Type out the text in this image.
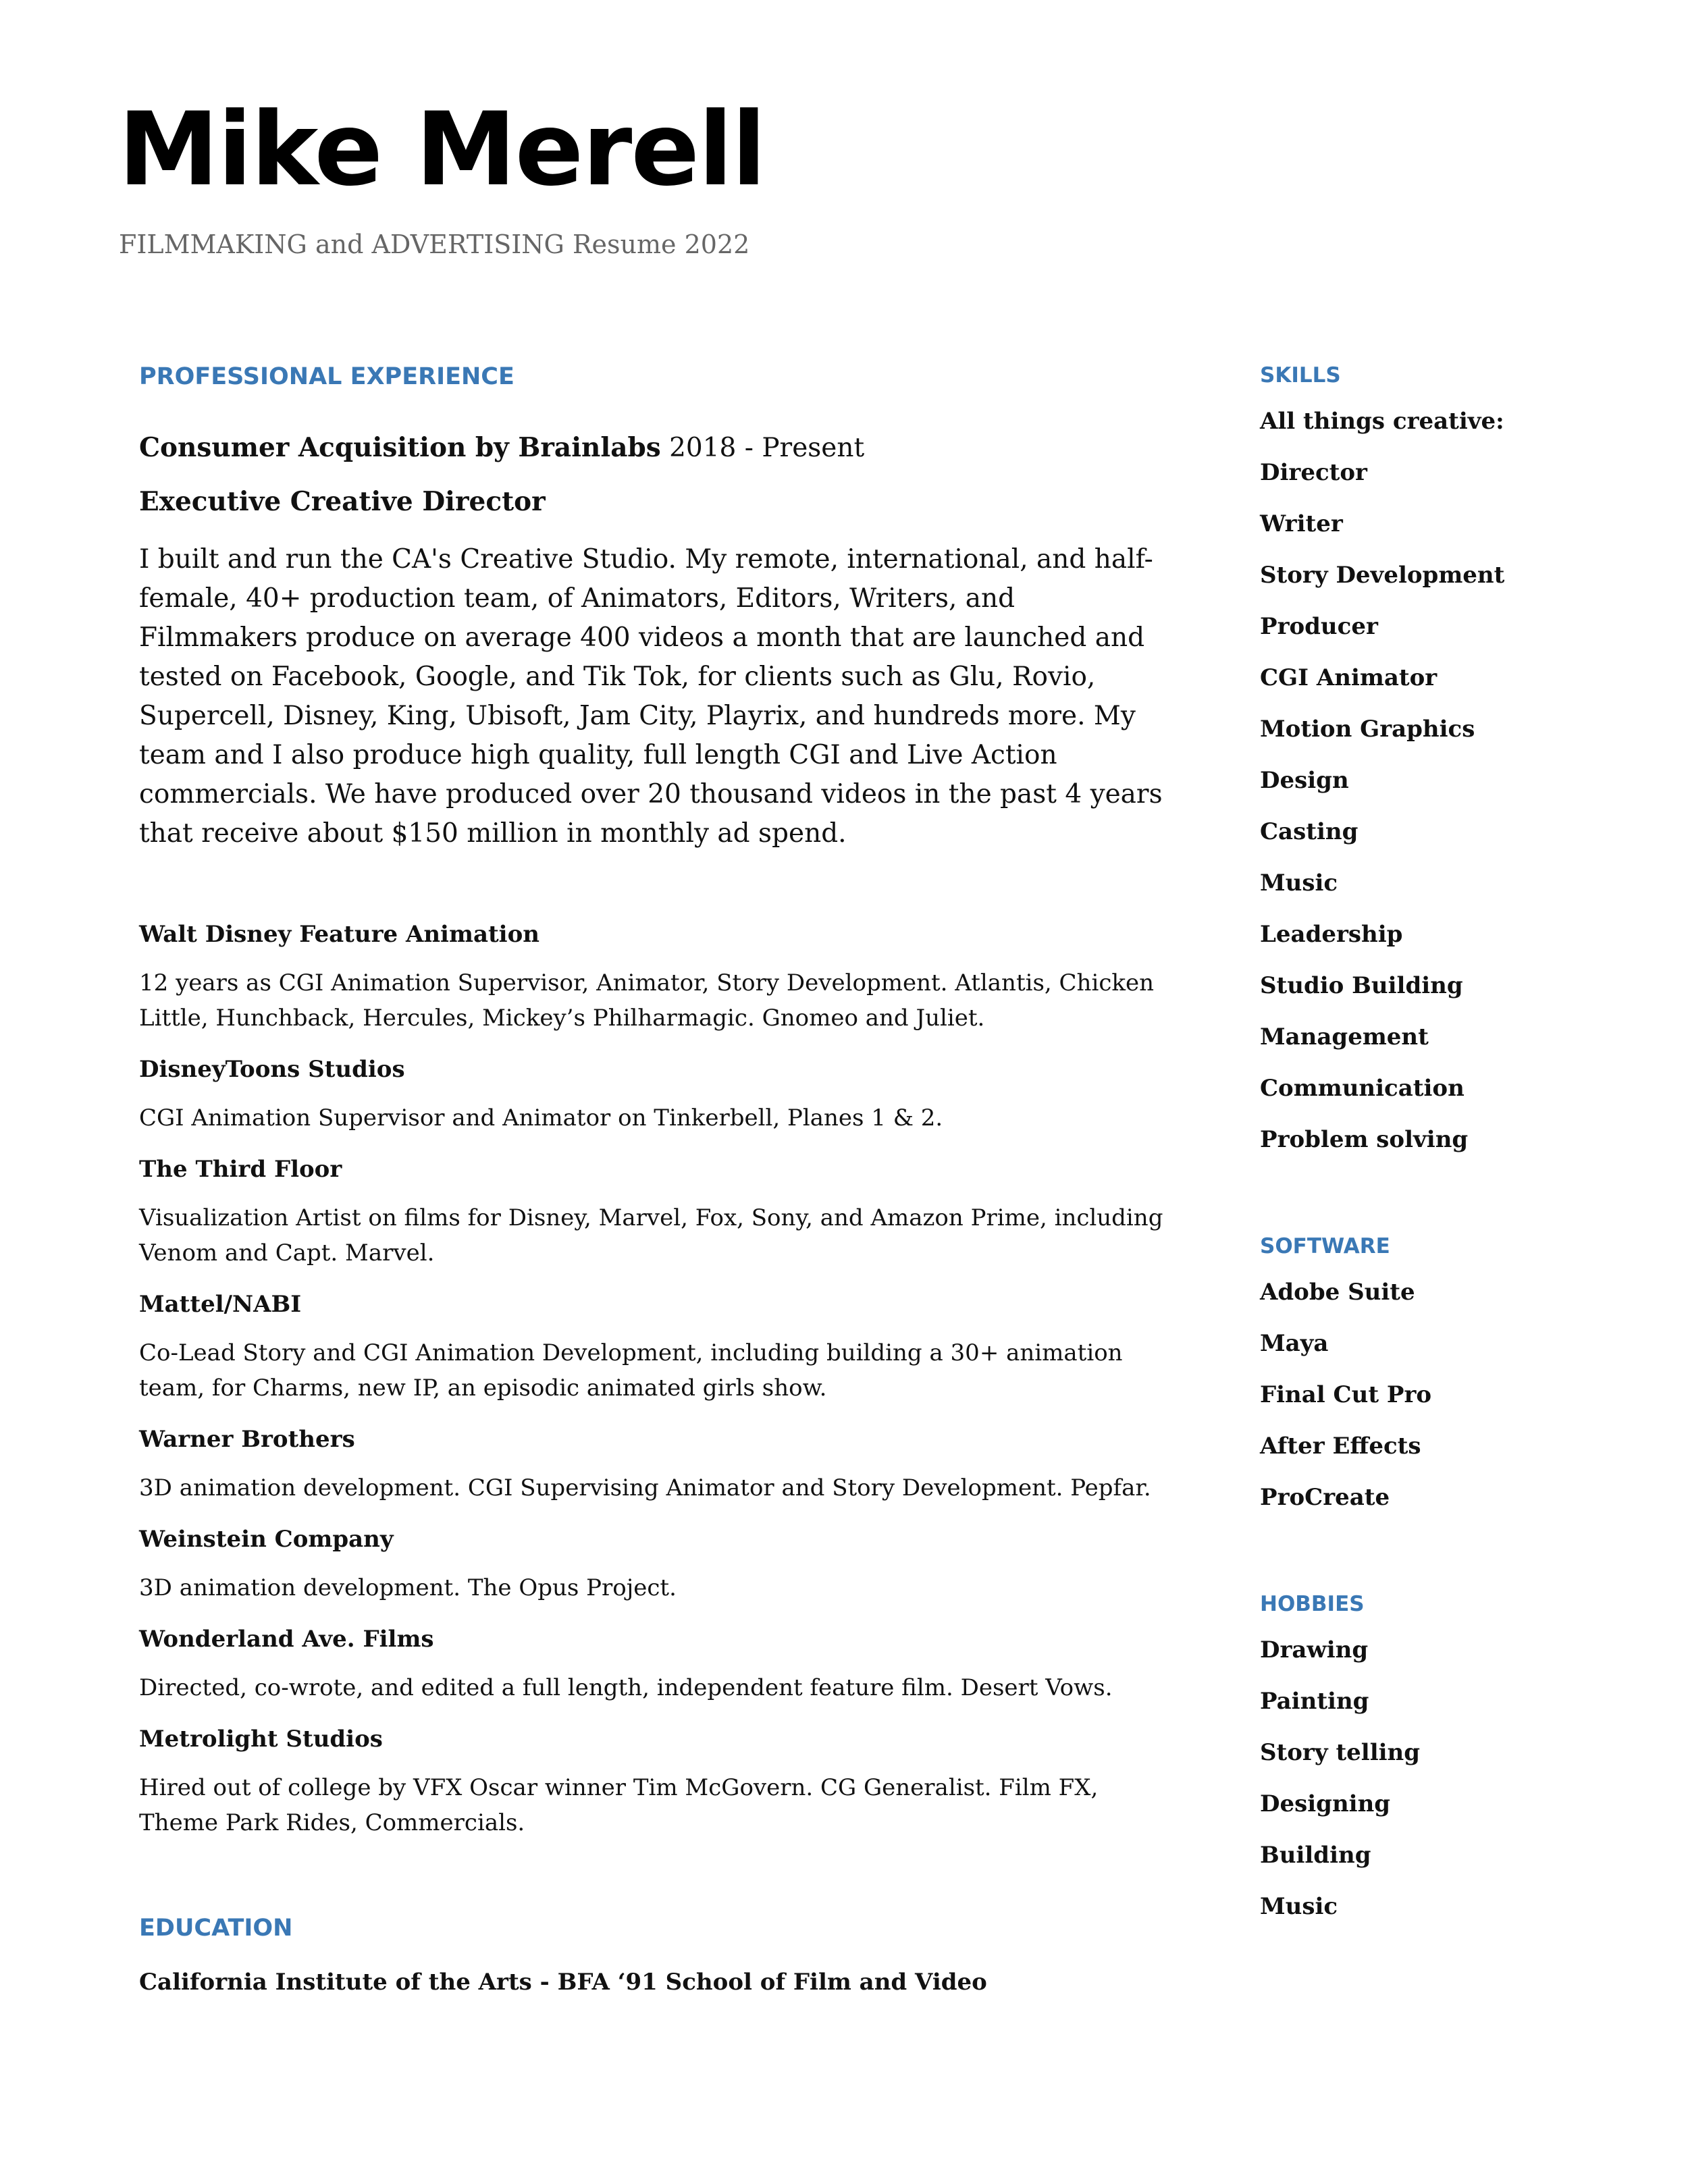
Mike Merell
FILMMAKING and ADVERTISING Resume 2022
PROFESSIONAL EXPERIENCE
Consumer Acquisition by Brainlabs 2018 - Present
Executive Creative Director
I built and run the CA's Creative Studio. My remote, international, and half-female, 40+ production team, of Animators, Editors, Writers, and Filmmakers produce on average 400 videos a month that are launched and tested on Facebook, Google, and Tik Tok, for clients such as Glu, Rovio, Supercell, Disney, King, Ubisoft, Jam City, Playrix, and hundreds more. My team and I also produce high quality, full length CGI and Live Action commercials. We have produced over 20 thousand videos in the past 4 years that receive about $150 million in monthly ad spend.
Walt Disney Feature Animation
12 years as CGI Animation Supervisor, Animator, Story Development. Atlantis, Chicken Little, Hunchback, Hercules, Mickey’s Philharmagic. Gnomeo and Juliet.
DisneyToons Studios
CGI Animation Supervisor and Animator on Tinkerbell, Planes 1 & 2.
The Third Floor
Visualization Artist on films for Disney, Marvel, Fox, Sony, and Amazon Prime, including Venom and Capt. Marvel.
Mattel/NABI
Co-Lead Story and CGI Animation Development, including building a 30+ animation team, for Charms, new IP, an episodic animated girls show.
Warner Brothers
3D animation development. CGI Supervising Animator and Story Development. Pepfar.
Weinstein Company
3D animation development. The Opus Project.
Wonderland Ave. Films
Directed, co-wrote, and edited a full length, independent feature film. Desert Vows.
Metrolight Studios
Hired out of college by VFX Oscar winner Tim McGovern. CG Generalist. Film FX, Theme Park Rides, Commercials.
EDUCATION
California Institute of the Arts - BFA ‘91 School of Film and Video
SKILLS
All things creative:
Director
Writer
Story Development
Producer
CGI Animator
Motion Graphics
Design
Casting
Music
Leadership
Studio Building
Management
Communication
Problem solving
SOFTWARE
Adobe Suite
Maya
Final Cut Pro
After Effects
ProCreate
HOBBIES
Drawing
Painting
Story telling
Designing
Building
Music
